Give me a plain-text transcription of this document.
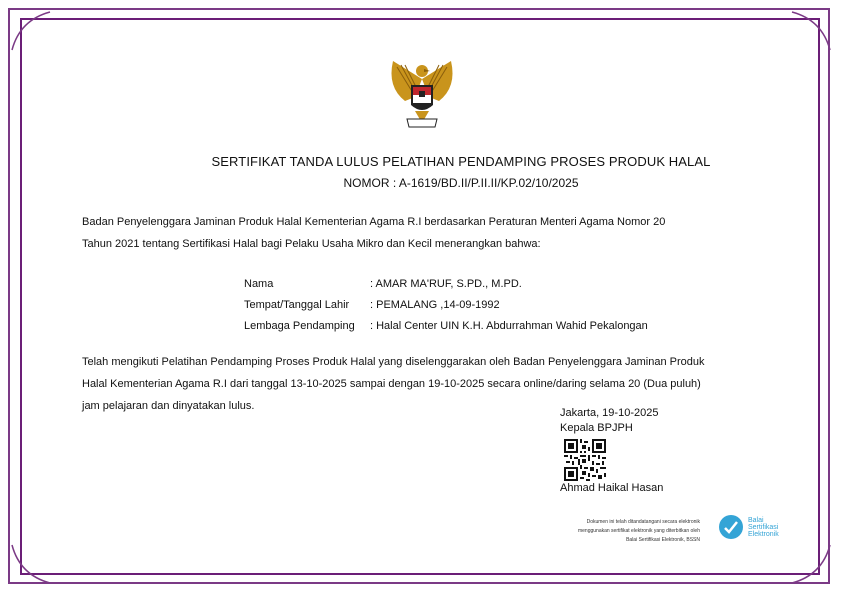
SERTIFIKAT TANDA LULUS PELATIHAN PENDAMPING PROSES PRODUK HALAL
NOMOR : A-1619/BD.II/P.II.II/KP.02/10/2025
Badan Penyelenggara Jaminan Produk Halal Kementerian Agama R.I berdasarkan Peraturan Menteri Agama Nomor 20
Tahun 2021 tentang Sertifikasi Halal bagi Pelaku Usaha Mikro dan Kecil menerangkan bahwa:
Nama	: AMAR MA'RUF, S.PD., M.PD.
Tempat/Tanggal Lahir	: PEMALANG ,14-09-1992
Lembaga Pendamping	: Halal Center UIN K.H. Abdurrahman Wahid Pekalongan
Telah mengikuti Pelatihan Pendamping Proses Produk Halal yang diselenggarakan oleh Badan Penyelenggara Jaminan Produk
Halal Kementerian Agama R.I dari tanggal 13-10-2025 sampai dengan 19-10-2025 secara online/daring selama 20 (Dua puluh)
jam pelajaran dan dinyatakan lulus.
Jakarta, 19-10-2025
Kepala BPJPH
Ahmad Haikal Hasan
Dokumen ini telah ditandatangani secara elektronik
menggunakan sertifikat elektronik yang diterbitkan oleh
Balai Sertifikasi Elektronik, BSSN
Balai
Sertifikasi
Elektronik
